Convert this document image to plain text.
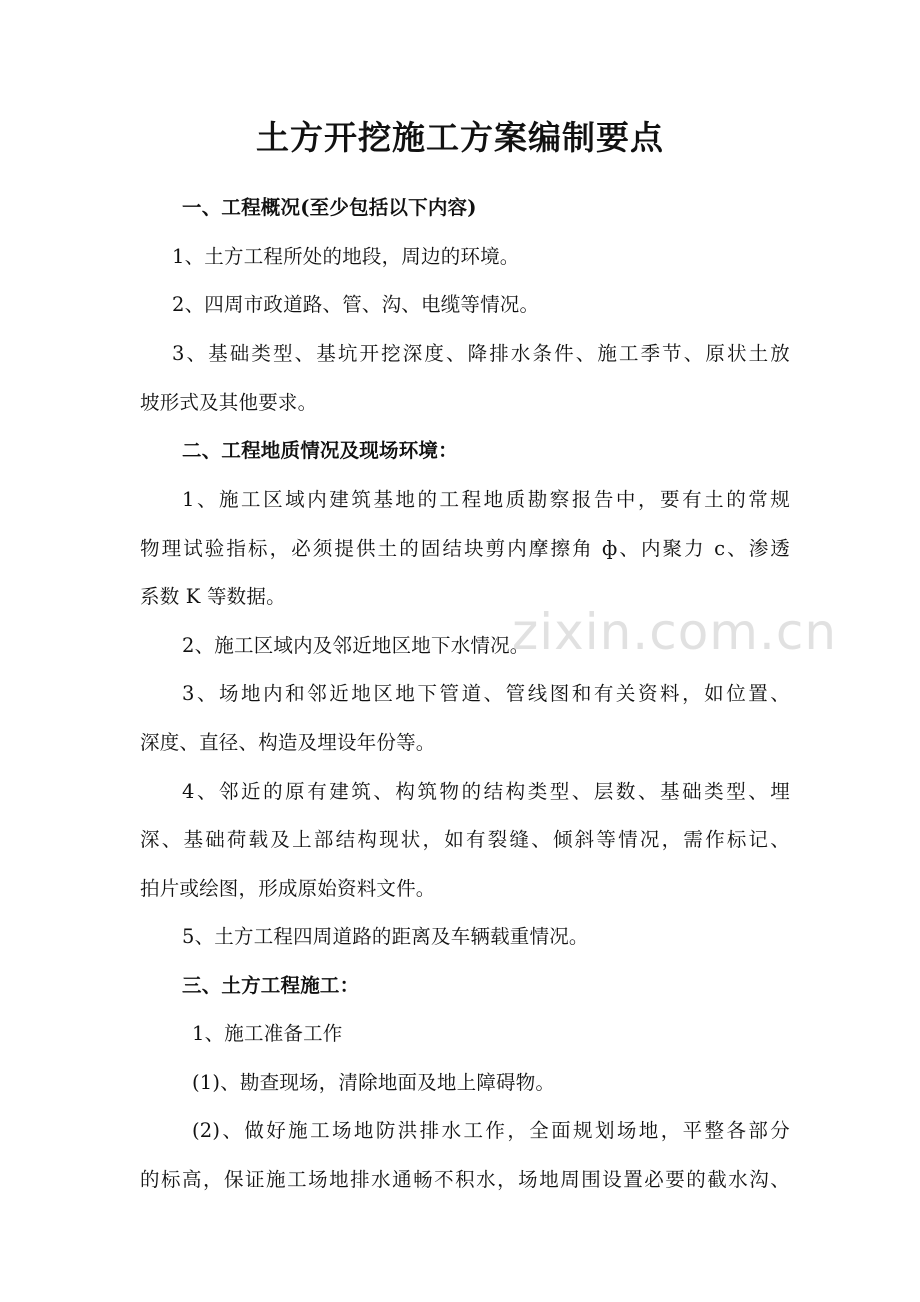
zixin.com.cn
土方开挖施工方案编制要点
一、工程概况(至少包括以下内容)
1、土方工程所处的地段，周边的环境。
2、四周市政道路、管、沟、电缆等情况。
3、基础类型、基坑开挖深度、降排水条件、施工季节、原状土放
坡形式及其他要求。
二、工程地质情况及现场环境：
1、施工区域内建筑基地的工程地质勘察报告中，要有土的常规
物理试验指标，必须提供土的固结块剪内摩擦角 ф、内聚力 c、渗透
系数 K 等数据。
2、施工区域内及邻近地区地下水情况。
3、场地内和邻近地区地下管道、管线图和有关资料，如位置、
深度、直径、构造及埋设年份等。
4、邻近的原有建筑、构筑物的结构类型、层数、基础类型、埋
深、基础荷载及上部结构现状，如有裂缝、倾斜等情况，需作标记、
拍片或绘图，形成原始资料文件。
5、土方工程四周道路的距离及车辆载重情况。
三、土方工程施工：
1、施工准备工作
(1)、勘查现场，清除地面及地上障碍物。
(2)、做好施工场地防洪排水工作，全面规划场地，平整各部分
的标高，保证施工场地排水通畅不积水，场地周围设置必要的截水沟、
